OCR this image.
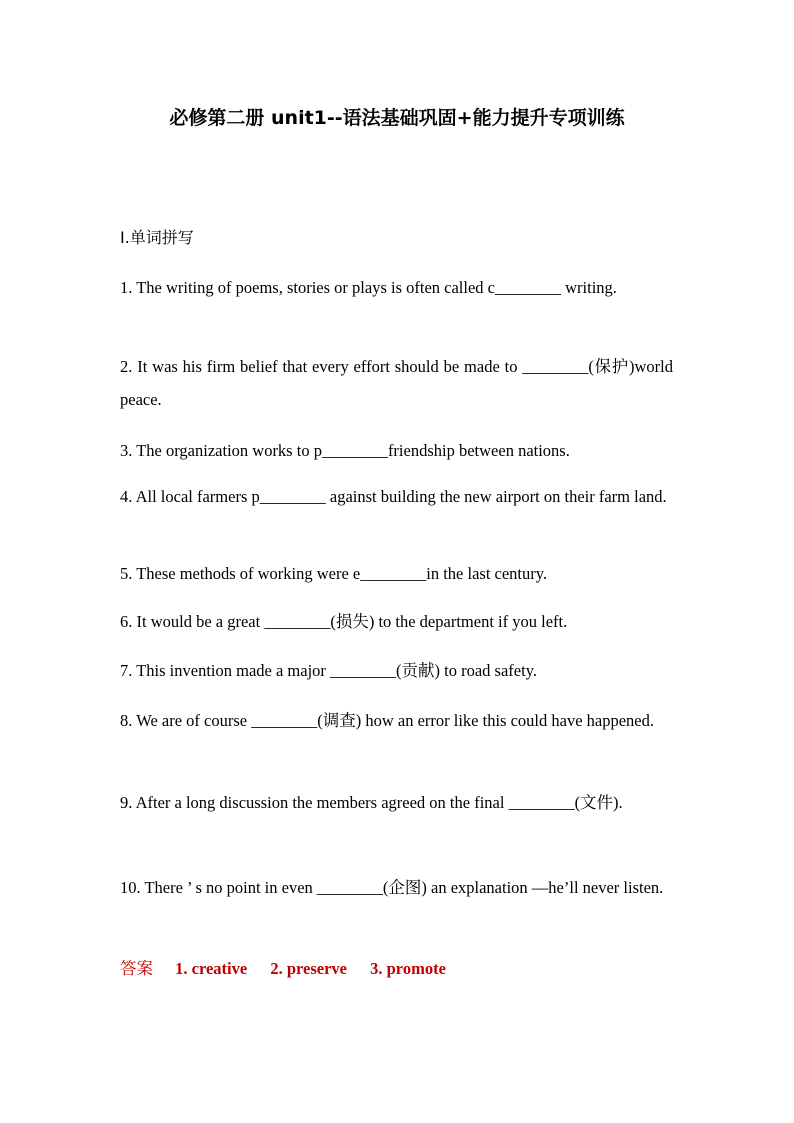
必修第二册 unit1--语法基础巩固+能力提升专项训练
Ⅰ.单词拼写
1. The writing of poems, stories or plays is often called c________ writing.
2. It was his firm belief that every effort should be made to ________(保护)world peace.
3. The organization works to p________friendship between nations.
4. All local farmers p________ against building the new airport on their farm land.
5. These methods of working were e________in the last century.
6. It would be a great ________(损失) to the department if you left.
7. This invention made a major ________(贡献) to road safety.
8. We are of course ________(调查) how an error like this could have happened.
9. After a long discussion the members agreed on the final ________(文件).
10. There ’ s no point in even ________(企图) an explanation —he’ll never listen.
答案 1. creative 2. preserve 3. promote
